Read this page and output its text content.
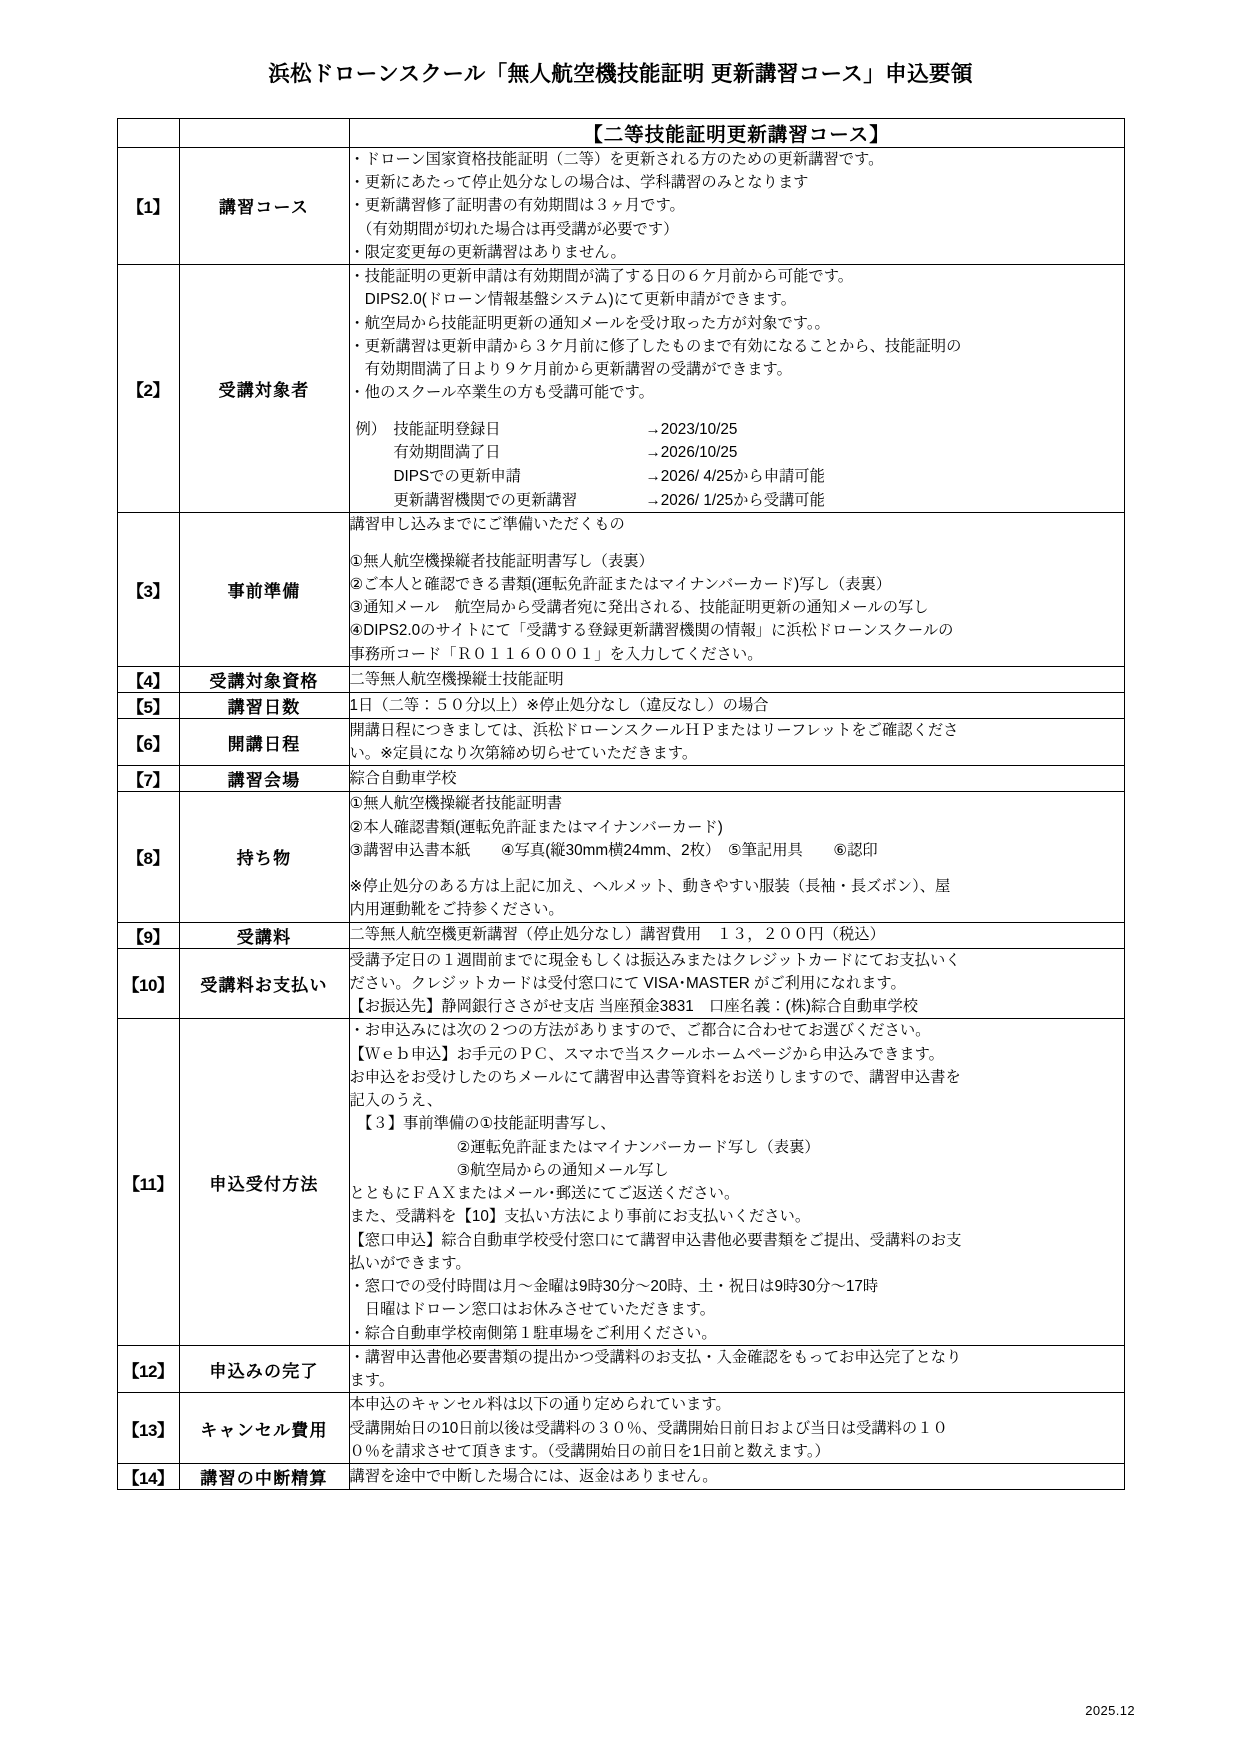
浜松ドローンスクール「無人航空機技能証明 更新講習コース」申込要領
		【二等技能証明更新講習コース】
【1】	講習コース	
・ドローン国家資格技能証明（二等）を更新される方のための更新講習です。
・更新にあたって停止処分なしの場合は、学科講習のみとなります
・更新講習修了証明書の有効期間は３ヶ月です。
　（有効期間が切れた場合は再受講が必要です）
・限定変更毎の更新講習はありません。

【2】	受講対象者	
・技能証明の更新申請は有効期間が満了する日の６ケ月前から可能です。
　DIPS2.0(ドローン情報基盤システム)にて更新申請ができます。
・航空局から技能証明更新の通知メールを受け取った方が対象です。。
・更新講習は更新申請から３ケ月前に修了したものまで有効になることから、技能証明の
　有効期間満了日より９ケ月前から更新講習の受講ができます。
・他のスクール卒業生の方も受講可能です。

例）	技能証明登録日	→2023/10/25
	有効期間満了日	→2026/10/25
	DIPSでの更新申請	→2026/ 4/25から申請可能
	更新講習機関での更新講習	→2026/ 1/25から受講可能

【3】	事前準備	
講習申し込みまでにご準備いただくもの

①無人航空機操縦者技能証明書写し（表裏）
②ご本人と確認できる書類(運転免許証またはマイナンバーカード)写し（表裏）
③通知メール　航空局から受講者宛に発出される、技能証明更新の通知メールの写し
④DIPS2.0のサイトにて「受講する登録更新講習機関の情報」に浜松ドローンスクールの
事務所コード「Ｒ０１１６０００１」を入力してください。

【4】	受講対象資格	二等無人航空機操縦士技能証明

【5】	講習日数	1日（二等：５０分以上）※停止処分なし（違反なし）の場合

【6】	開講日程	
開講日程につきましては、浜松ドローンスクールＨＰまたはリーフレットをご確認くださ
い。※定員になり次第締め切らせていただきます。

【7】	講習会場	綜合自動車学校

【8】	持ち物	
①無人航空機操縦者技能証明書
②本人確認書類(運転免許証またはマイナンバーカード)
③講習申込書本紙　　④写真(縦30mm横24mm、2枚）　⑤筆記用具　　⑥認印

※停止処分のある方は上記に加え、ヘルメット、動きやすい服装（長袖・長ズボン）、屋
内用運動靴をご持参ください。

【9】	受講料	二等無人航空機更新講習（停止処分なし）講習費用　１３，２００円（税込）

【10】	受講料お支払い	
受講予定日の１週間前までに現金もしくは振込みまたはクレジットカードにてお支払いく
ださい。クレジットカードは受付窓口にて VISA･MASTER がご利用になれます。
【お振込先】静岡銀行ささがせ支店 当座預金3831　口座名義：(株)綜合自動車学校

【11】	申込受付方法	
・お申込みには次の２つの方法がありますので、ご都合に合わせてお選びください。
【Ｗｅｂ申込】お手元のＰＣ、スマホで当スクールホームページから申込みできます。
お申込をお受けしたのちメールにて講習申込書等資料をお送りしますので、講習申込書を
記入のうえ、
　【３】事前準備の①技能証明書写し、
　　　　　　　②運転免許証またはマイナンバーカード写し（表裏）
　　　　　　　③航空局からの通知メール写し
とともにＦＡＸまたはメール･郵送にてご返送ください。
また、受講料を【10】支払い方法により事前にお支払いください。
【窓口申込】綜合自動車学校受付窓口にて講習申込書他必要書類をご提出、受講料のお支
払いができます。
・窓口での受付時間は月～金曜は9時30分～20時、土・祝日は9時30分～17時
　日曜はドローン窓口はお休みさせていただきます。
・綜合自動車学校南側第１駐車場をご利用ください。

【12】	申込みの完了	
・講習申込書他必要書類の提出かつ受講料のお支払・入金確認をもってお申込完了となり
ます。

【13】	キャンセル費用	
本申込のキャンセル料は以下の通り定められています。
受講開始日の10日前以後は受講料の３０％、受講開始日前日および当日は受講料の１０
０％を請求させて頂きます。（受講開始日の前日を1日前と数えます。）

【14】	講習の中断精算	講習を途中で中断した場合には、返金はありません。
2025.12
